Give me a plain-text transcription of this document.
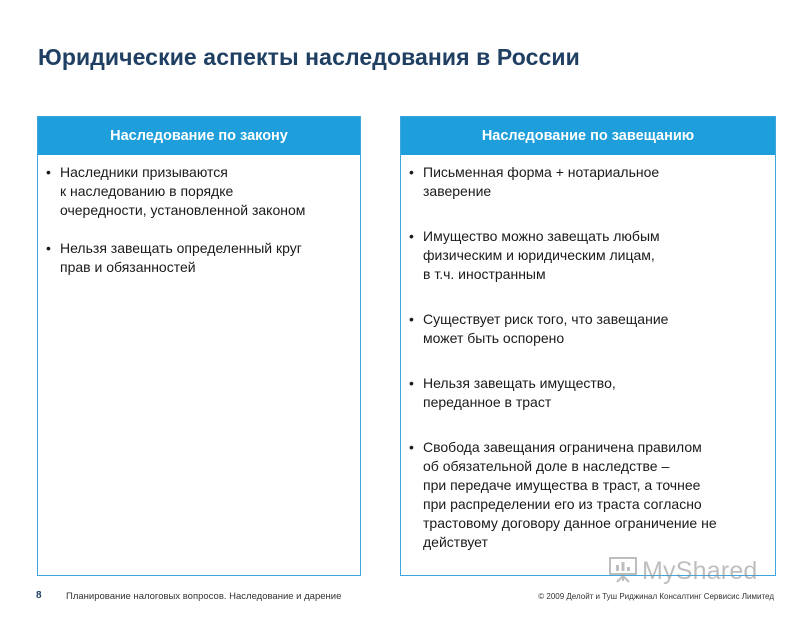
Юридические аспекты наследования в России
Наследование по закону
• Наследники призываются
к наследованию в порядке
очередности, установленной законом
• Нельзя завещать определенный круг
прав и обязанностей
Наследование по завещанию
• Письменная форма + нотариальное
заверение
• Имущество можно завещать любым
физическим и юридическим лицам,
в т.ч. иностранным
• Существует риск того, что завещание
может быть оспорено
• Нельзя завещать имущество,
переданное в траст
• Свобода завещания ограничена правилом
об обязательной доле в наследстве –
при передаче имущества в траст, а точнее
при распределении его из траста согласно
трастовому договору данное ограничение не
действует
MyShared
8	Планирование налоговых вопросов. Наследование и дарение	© 2009 Делойт и Туш Риджинал Консалтинг Сервисис Лимитед
